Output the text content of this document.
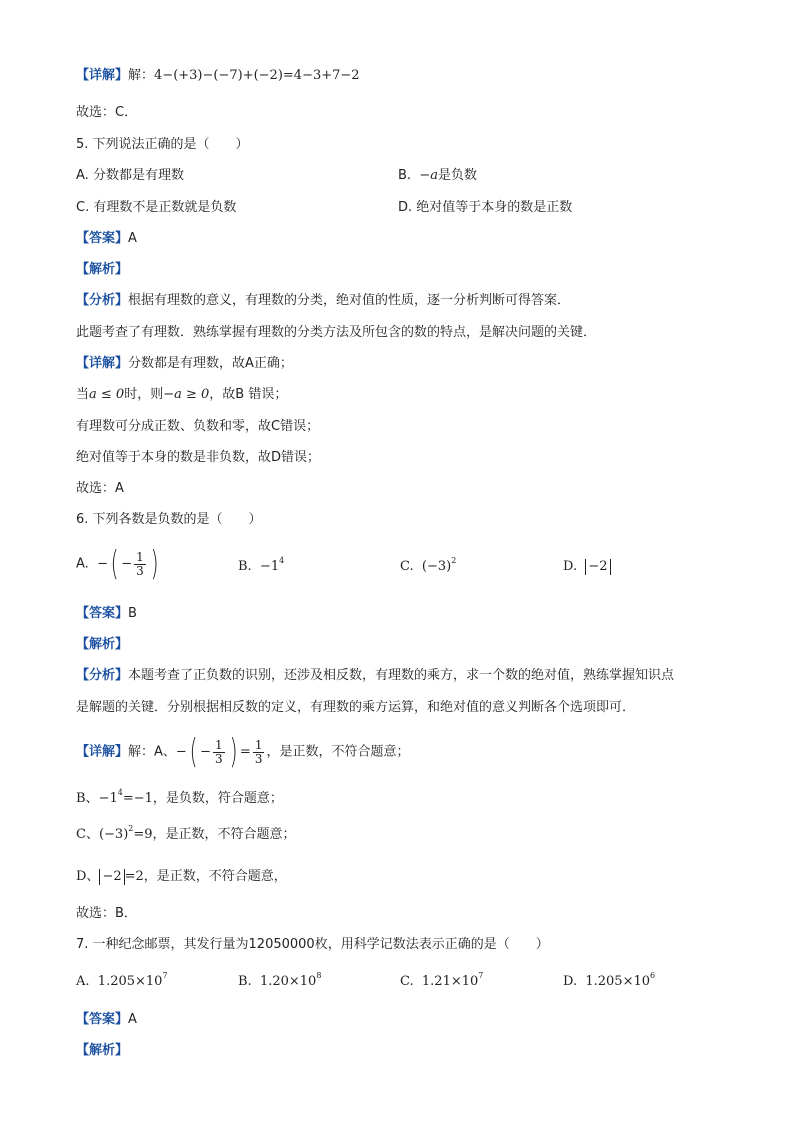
【详解】解：4−(+3)−(−7)+(−2)=4−3+7−2
故选：C．
5. 下列说法正确的是（　　）
A. 分数都是有理数	B. −a是负数
C. 有理数不是正数就是负数	D. 绝对值等于本身的数是正数
【答案】A
【解析】
【分析】根据有理数的意义，有理数的分类，绝对值的性质，逐一分析判断可得答案．
此题考查了有理数．熟练掌握有理数的分类方法及所包含的数的特点，是解决问题的关键．
【详解】分数都是有理数，故A正确；
当a ≤ 0时，则−a ≥ 0，故B 错误；
有理数可分成正数、负数和零，故C错误；
绝对值等于本身的数是非负数，故D错误；
故选：A
6. 下列各数是负数的是（　　）
A. −( − $\frac{1}{3}$ )	B. $-1^4$	C. $(-3)^2$	D. −2
【答案】B
【解析】
【分析】本题考查了正负数的识别，还涉及相反数，有理数的乘方，求一个数的绝对值，熟练掌握知识点
是解题的关键．分别根据相反数的定义，有理数的乘方运算，和绝对值的意义判断各个选项即可．
【详解】解：A、−( − $\frac{1}{3}$ ) = $\frac{1}{3}$ ，是正数，不符合题意；
B、$-1^4=-1$，是负数，符合题意；
C、$(-3)^2=9$，是正数，不符合题意；
D、 −2 =2，是正数，不符合题意，
故选：B．
7. 一种纪念邮票，其发行量为12050000枚，用科学记数法表示正确的是（　　）
A. $1.205\times 10^7$	B. $1.20\times 10^8$	C. $1.21\times 10^7$	D. $1.205\times 10^6$
【答案】A
【解析】
